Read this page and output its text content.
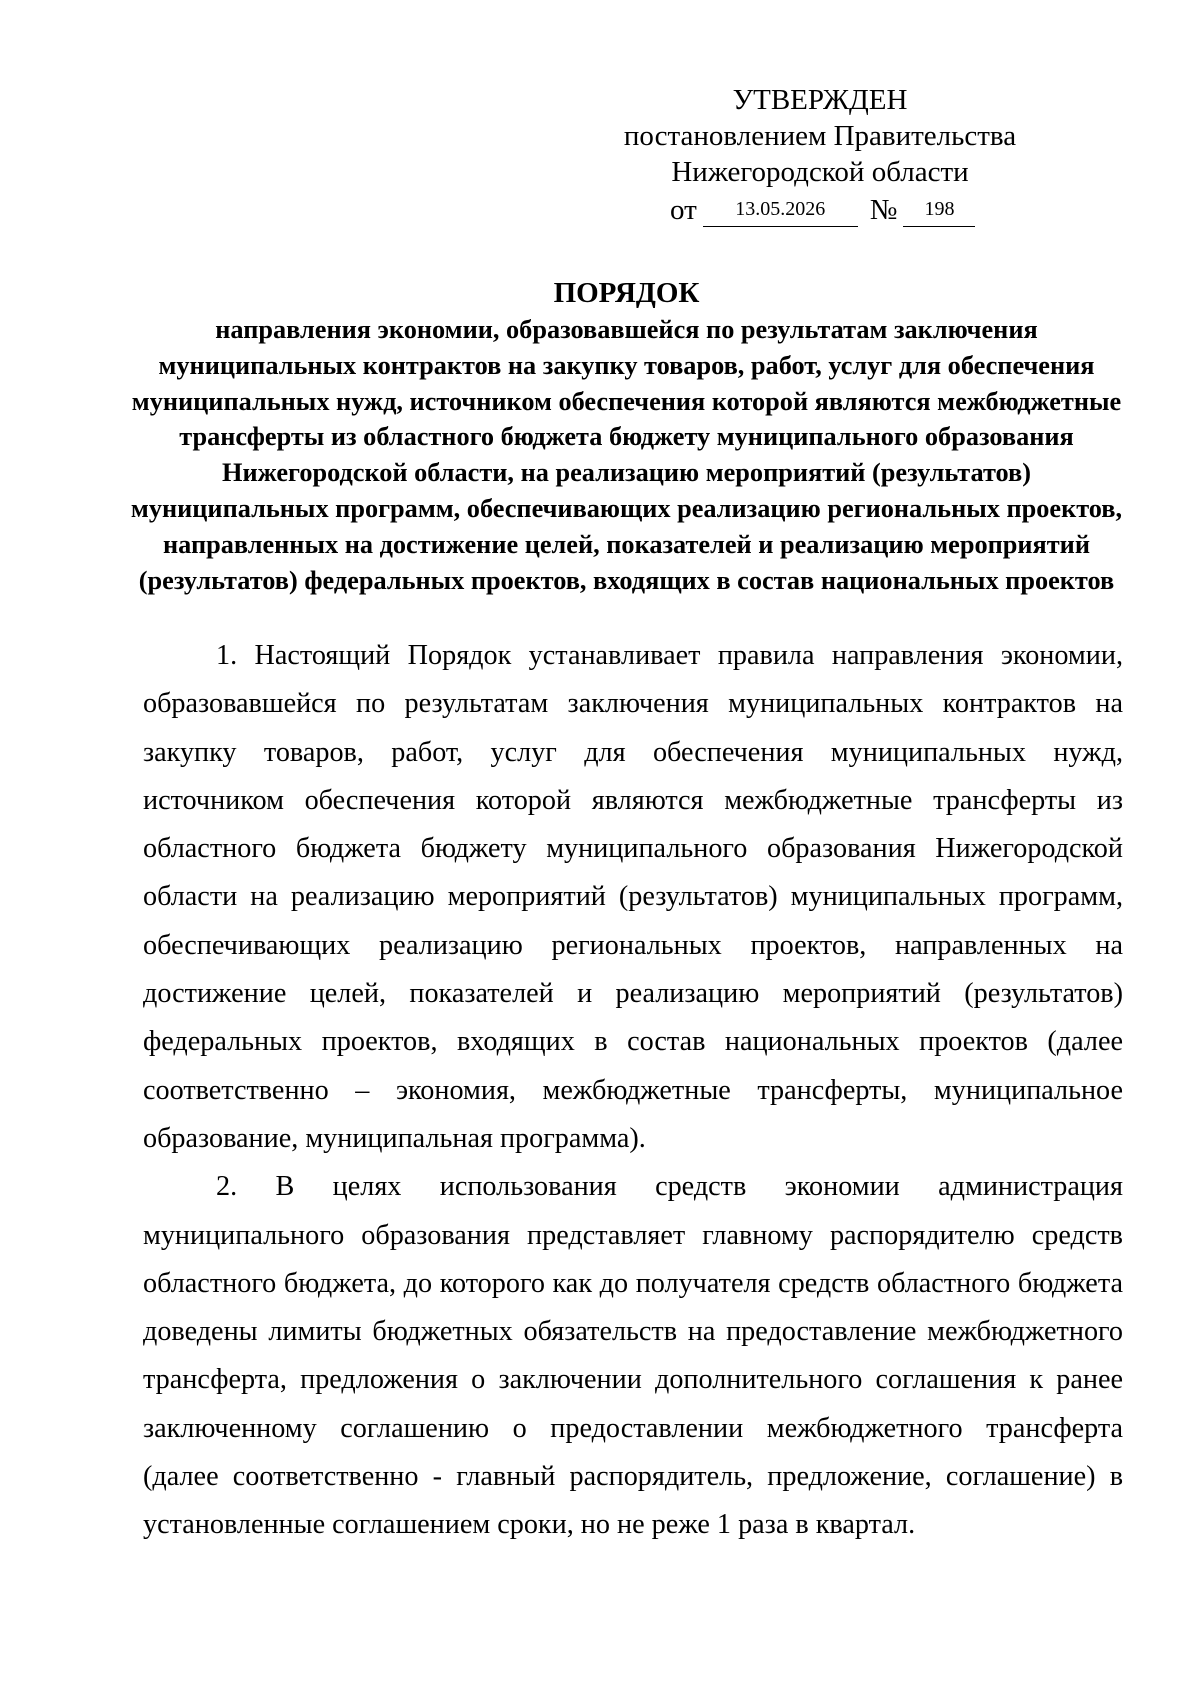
УТВЕРЖДЕН
постановлением Правительства
Нижегородской области
от 13.05.2026 № 198
ПОРЯДОК
направления экономии, образовавшейся по результатам заключения муниципальных контрактов на закупку товаров, работ, услуг для обеспечения муниципальных нужд, источником обеспечения которой являются межбюджетные трансферты из областного бюджета бюджету муниципального образования Нижегородской области, на реализацию мероприятий (результатов) муниципальных программ, обеспечивающих реализацию региональных проектов, направленных на достижение целей, показателей и реализацию мероприятий (результатов) федеральных проектов, входящих в состав национальных проектов

1. Настоящий Порядок устанавливает правила направления экономии, образовавшейся по результатам заключения муниципальных контрактов на закупку товаров, работ, услуг для обеспечения муниципальных нужд, источником обеспечения которой являются межбюджетные трансферты из областного бюджета бюджету муниципального образования Нижегородской области на реализацию мероприятий (результатов) муниципальных программ, обеспечивающих реализацию региональных проектов, направленных на достижение целей, показателей и реализацию мероприятий (результатов) федеральных проектов, входящих в состав национальных проектов (далее соответственно – экономия, межбюджетные трансферты, муниципальное образование, муниципальная программа).

2. В целях использования средств экономии администрация муниципального образования представляет главному распорядителю средств областного бюджета, до которого как до получателя средств областного бюджета доведены лимиты бюджетных обязательств на предоставление межбюджетного трансферта, предложения о заключении дополнительного соглашения к ранее заключенному соглашению о предоставлении межбюджетного трансферта (далее соответственно - главный распорядитель, предложение, соглашение) в установленные соглашением сроки, но не реже 1 раза в квартал.
